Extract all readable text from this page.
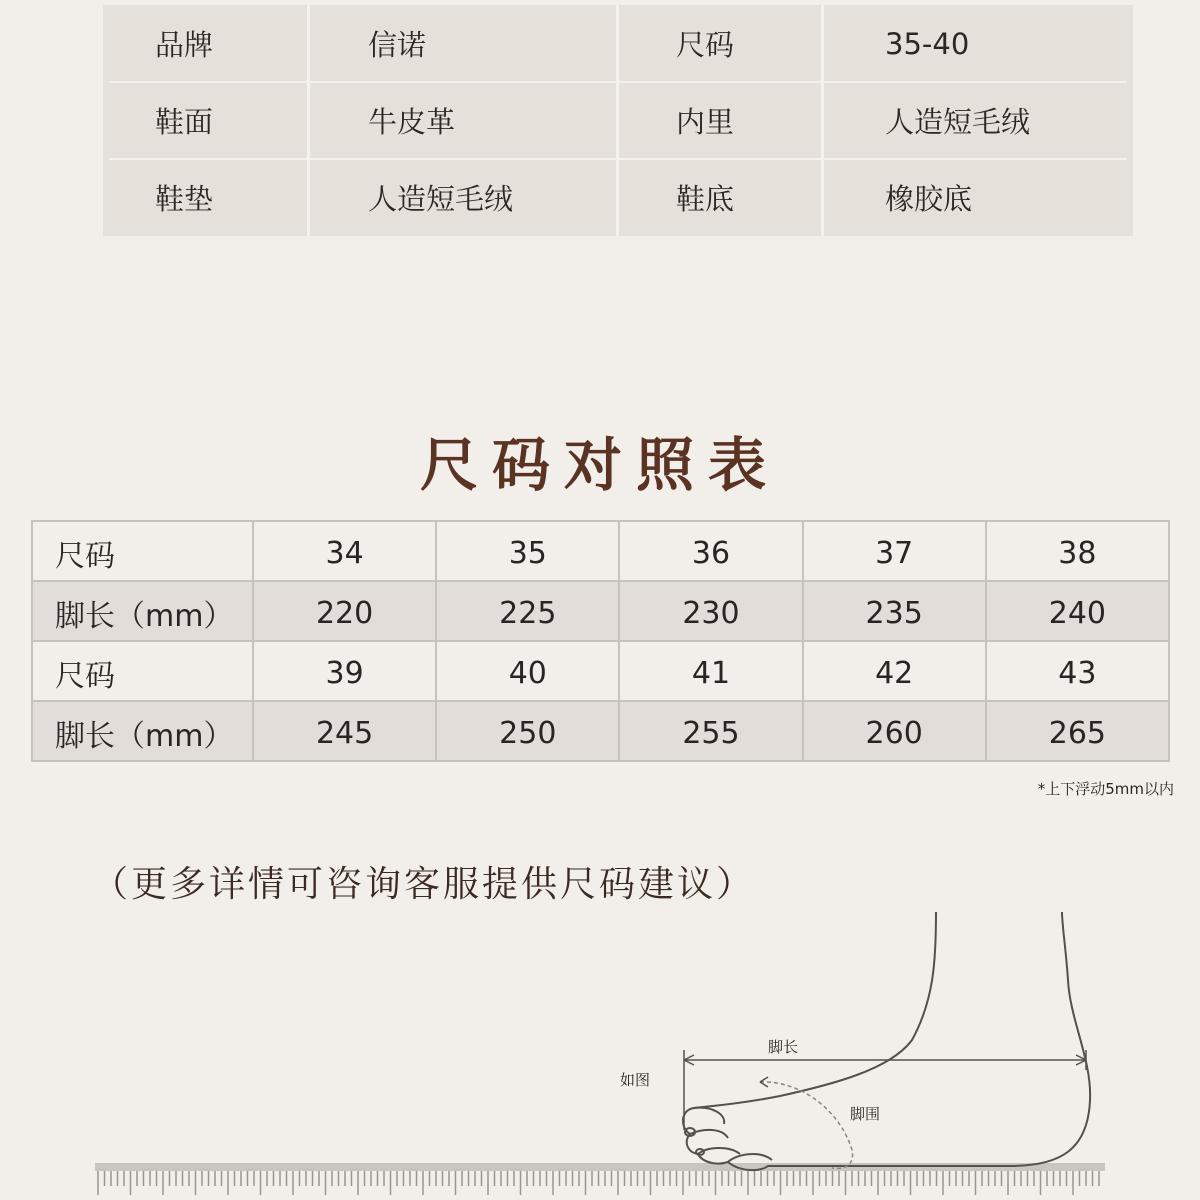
品牌	信诺	尺码	35-40
鞋面	牛皮革	内里	人造短毛绒
鞋垫	人造短毛绒	鞋底	橡胶底
尺码对照表
尺码	34	35	36	37	38
脚长（mm）	220	225	230	235	240
尺码	39	40	41	42	43
脚长（mm）	245	250	255	260	265
*上下浮动5mm以内
（更多详情可咨询客服提供尺码建议）
脚长
如图
脚围
